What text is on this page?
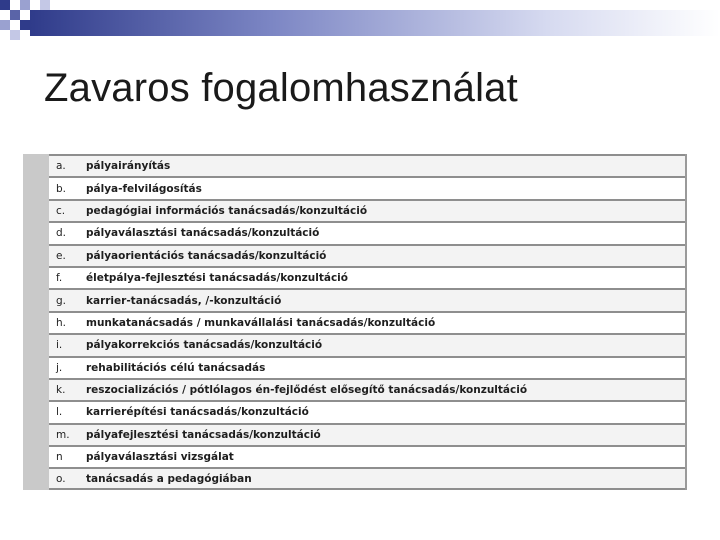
Zavaros fogalomhasználat
a.	pályairányítás
b.	pálya-felvilágosítás
c.	pedagógiai információs tanácsadás/konzultáció
d.	pályaválasztási tanácsadás/konzultáció
e.	pályaorientációs tanácsadás/konzultáció
f.	életpálya-fejlesztési tanácsadás/konzultáció
g.	karrier-tanácsadás, /-konzultáció
h.	munkatanácsadás / munkavállalási tanácsadás/konzultáció
i.	pályakorrekciós tanácsadás/konzultáció
j.	rehabilitációs célú tanácsadás
k.	reszocializációs / pótlólagos én-fejlődést elősegítő tanácsadás/konzultáció
l.	karrierépítési tanácsadás/konzultáció
m.	pályafejlesztési tanácsadás/konzultáció
n	pályaválasztási vizsgálat
o.	tanácsadás a pedagógiában
